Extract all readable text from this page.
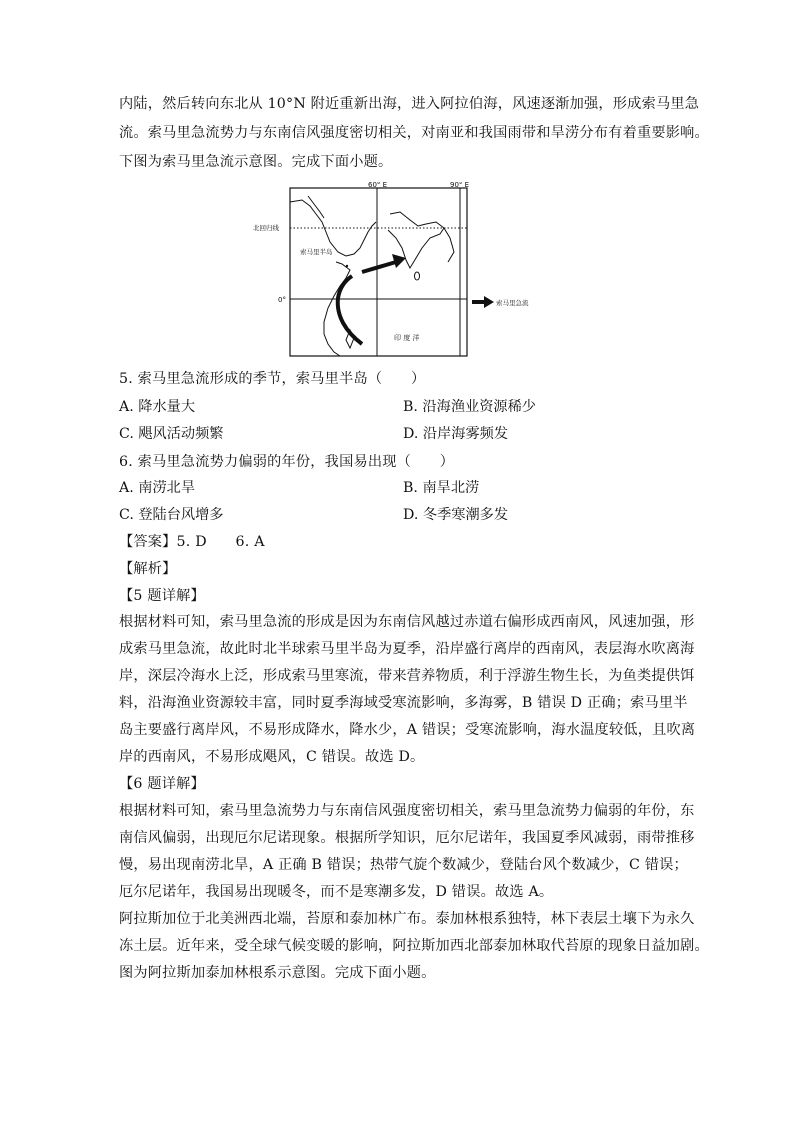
内陆，然后转向东北从 10°N 附近重新出海，进入阿拉伯海，风速逐渐加强，形成索马里急
流。索马里急流势力与东南信风强度密切相关，对南亚和我国雨带和旱涝分布有着重要影响。
下图为索马里急流示意图。完成下面小题。
60° E	90° E
北回归线
0°
索马里半岛
印 度 洋
索马里急流
5. 索马里急流形成的季节，索马里半岛（　　）
A. 降水量大	B. 沿海渔业资源稀少
C. 飓风活动频繁	D. 沿岸海雾频发
6. 索马里急流势力偏弱的年份，我国易出现（　　）
A. 南涝北旱	B. 南旱北涝
C. 登陆台风增多	D. 冬季寒潮多发
【答案】5. D　　6. A
【解析】
【5 题详解】
根据材料可知，索马里急流的形成是因为东南信风越过赤道右偏形成西南风，风速加强，形
成索马里急流，故此时北半球索马里半岛为夏季，沿岸盛行离岸的西南风，表层海水吹离海
岸，深层冷海水上泛，形成索马里寒流，带来营养物质，利于浮游生物生长，为鱼类提供饵
料，沿海渔业资源较丰富，同时夏季海域受寒流影响，多海雾，B 错误 D 正确；索马里半
岛主要盛行离岸风，不易形成降水，降水少，A 错误；受寒流影响，海水温度较低，且吹离
岸的西南风，不易形成飓风，C 错误。故选 D。
【6 题详解】
根据材料可知，索马里急流势力与东南信风强度密切相关，索马里急流势力偏弱的年份，东
南信风偏弱，出现厄尔尼诺现象。根据所学知识，厄尔尼诺年，我国夏季风减弱，雨带推移
慢，易出现南涝北旱，A 正确 B 错误；热带气旋个数减少，登陆台风个数减少，C 错误；
厄尔尼诺年，我国易出现暖冬，而不是寒潮多发，D 错误。故选 A。
阿拉斯加位于北美洲西北端，苔原和泰加林广布。泰加林根系独特，林下表层土壤下为永久
冻土层。近年来，受全球气候变暖的影响，阿拉斯加西北部泰加林取代苔原的现象日益加剧。
图为阿拉斯加泰加林根系示意图。完成下面小题。
